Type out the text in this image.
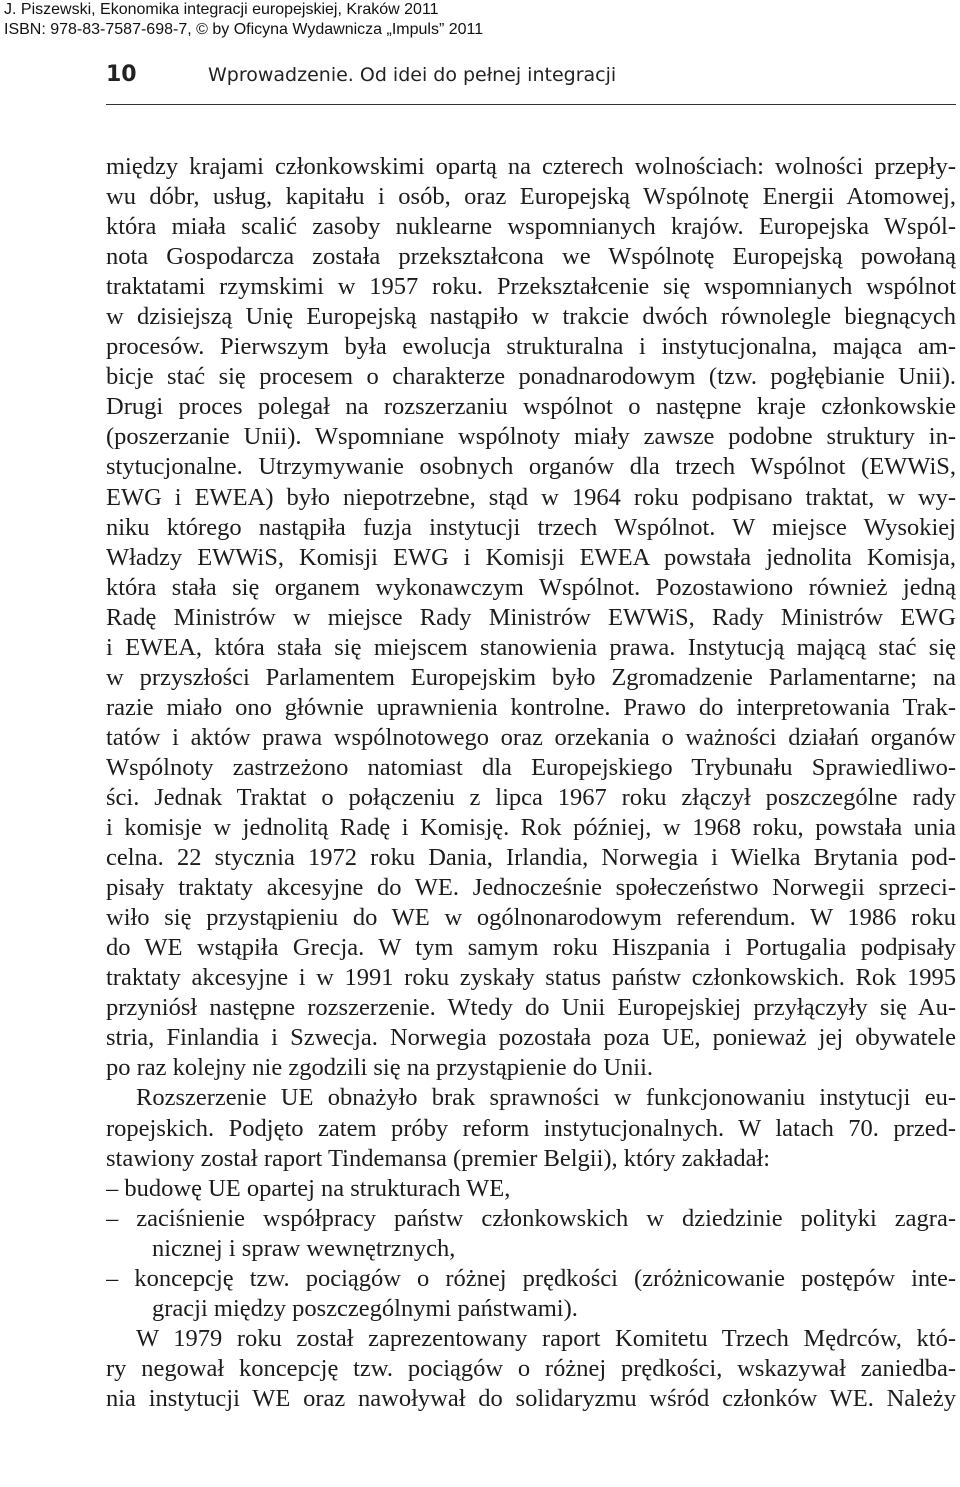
J. Piszewski, Ekonomika integracji europejskiej, Kraków 2011
ISBN: 978-83-7587-698-7, © by Oficyna Wydawnicza „Impuls” 2011
10	Wprowadzenie. Od idei do pełnej integracji
między krajami członkowskimi opartą na czterech wolnościach: wolności przepły-
wu dóbr, usług, kapitału i osób, oraz Europejską Wspólnotę Energii Atomowej,
która miała scalić zasoby nuklearne wspomnianych krajów. Europejska Wspól-
nota Gospodarcza została przekształcona we Wspólnotę Europejską powołaną
traktatami rzymskimi w 1957 roku. Przekształcenie się wspomnianych wspólnot
w dzisiejszą Unię Europejską nastąpiło w trakcie dwóch równolegle biegnących
procesów. Pierwszym była ewolucja strukturalna i instytucjonalna, mająca am-
bicje stać się procesem o charakterze ponadnarodowym (tzw. pogłębianie Unii).
Drugi proces polegał na rozszerzaniu wspólnot o następne kraje członkowskie
(poszerzanie Unii). Wspomniane wspólnoty miały zawsze podobne struktury in-
stytucjonalne. Utrzymywanie osobnych organów dla trzech Wspólnot (EWWiS,
EWG i EWEA) było niepotrzebne, stąd w 1964 roku podpisano traktat, w wy-
niku którego nastąpiła fuzja instytucji trzech Wspólnot. W miejsce Wysokiej
Władzy EWWiS, Komisji EWG i Komisji EWEA powstała jednolita Komisja,
która stała się organem wykonawczym Wspólnot. Pozostawiono również jedną
Radę Ministrów w miejsce Rady Ministrów EWWiS, Rady Ministrów EWG
i EWEA, która stała się miejscem stanowienia prawa. Instytucją mającą stać się
w przyszłości Parlamentem Europejskim było Zgromadzenie Parlamentarne; na
razie miało ono głównie uprawnienia kontrolne. Prawo do interpretowania Trak-
tatów i aktów prawa wspólnotowego oraz orzekania o ważności działań organów
Wspólnoty zastrzeżono natomiast dla Europejskiego Trybunału Sprawiedliwo-
ści. Jednak Traktat o połączeniu z lipca 1967 roku złączył poszczególne rady
i komisje w jednolitą Radę i Komisję. Rok później, w 1968 roku, powstała unia
celna. 22 stycznia 1972 roku Dania, Irlandia, Norwegia i Wielka Brytania pod-
pisały traktaty akcesyjne do WE. Jednocześnie społeczeństwo Norwegii sprzeci-
wiło się przystąpieniu do WE w ogólnonarodowym referendum. W 1986 roku
do WE wstąpiła Grecja. W tym samym roku Hiszpania i Portugalia podpisały
traktaty akcesyjne i w 1991 roku zyskały status państw członkowskich. Rok 1995
przyniósł następne rozszerzenie. Wtedy do Unii Europejskiej przyłączyły się Au-
stria, Finlandia i Szwecja. Norwegia pozostała poza UE, ponieważ jej obywatele
po raz kolejny nie zgodzili się na przystąpienie do Unii.
Rozszerzenie UE obnażyło brak sprawności w funkcjonowaniu instytucji eu-
ropejskich. Podjęto zatem próby reform instytucjonalnych. W latach 70. przed-
stawiony został raport Tindemansa (premier Belgii), który zakładał:
– budowę UE opartej na strukturach WE,
– zaciśnienie współpracy państw członkowskich w dziedzinie polityki zagra-
nicznej i spraw wewnętrznych,
– koncepcję tzw. pociągów o różnej prędkości (zróżnicowanie postępów inte-
gracji między poszczególnymi państwami).
W 1979 roku został zaprezentowany raport Komitetu Trzech Mędrców, któ-
ry negował koncepcję tzw. pociągów o różnej prędkości, wskazywał zaniedba-
nia instytucji WE oraz nawoływał do solidaryzmu wśród członków WE. Należy
